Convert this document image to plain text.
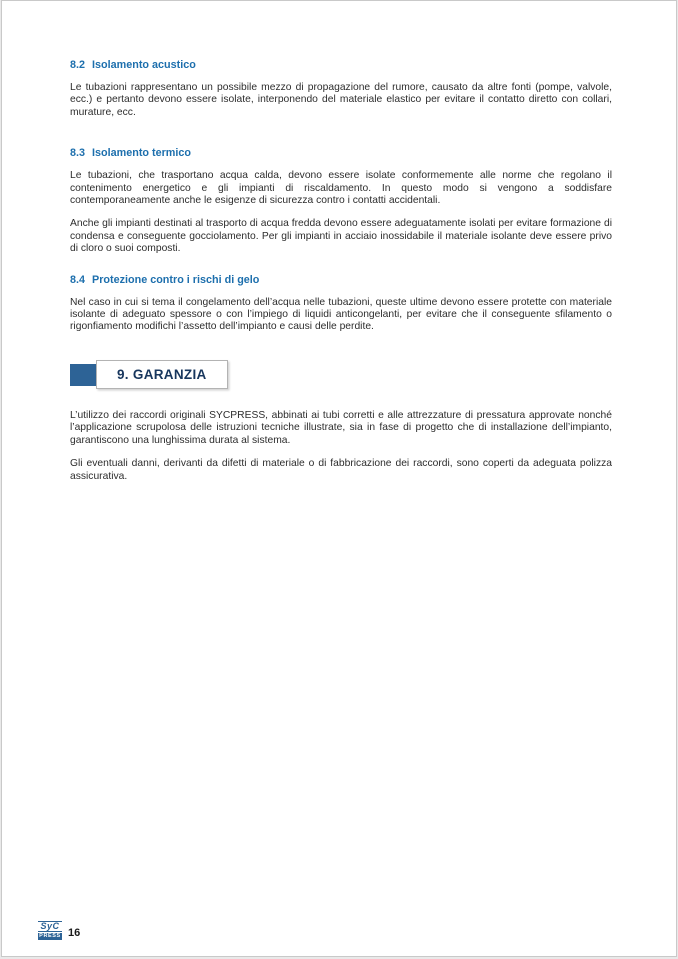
8.2 Isolamento acustico

Le tubazioni rappresentano un possibile mezzo di propagazione del rumore, causato da altre fonti (pompe, valvole, ecc.) e pertanto devono essere isolate, interponendo del materiale elastico per evitare il contatto diretto con collari, murature, ecc.

8.3 Isolamento termico

Le tubazioni, che trasportano acqua calda, devono essere isolate conformemente alle norme che regolano il contenimento energetico e gli impianti di riscaldamento. In questo modo si vengono a soddisfare contemporaneamente anche le esigenze di sicurezza contro i contatti accidentali.

Anche gli impianti destinati al trasporto di acqua fredda devono essere adeguatamente isolati per evitare formazione di condensa e conseguente gocciolamento. Per gli impianti in acciaio inossidabile il materiale isolante deve essere privo di cloro o suoi composti.

8.4 Protezione contro i rischi di gelo

Nel caso in cui si tema il congelamento dell’acqua nelle tubazioni, queste ultime devono essere protette con materiale isolante di adeguato spessore o con l’impiego di liquidi anticongelanti, per evitare che il conseguente sfilamento o rigonfiamento modifichi l’assetto dell’impianto e causi delle perdite.

9. GARANZIA

L’utilizzo dei raccordi originali SYCPRESS, abbinati ai tubi corretti e alle attrezzature di pressatura approvate nonché l’applicazione scrupolosa delle istruzioni tecniche illustrate, sia in fase di progetto che di installazione dell’impianto, garantiscono una lunghissima durata al sistema.

Gli eventuali danni, derivanti da difetti di materiale o di fabbricazione dei raccordi, sono coperti da adeguata polizza assicurativa.

SyC
PRESS 16
